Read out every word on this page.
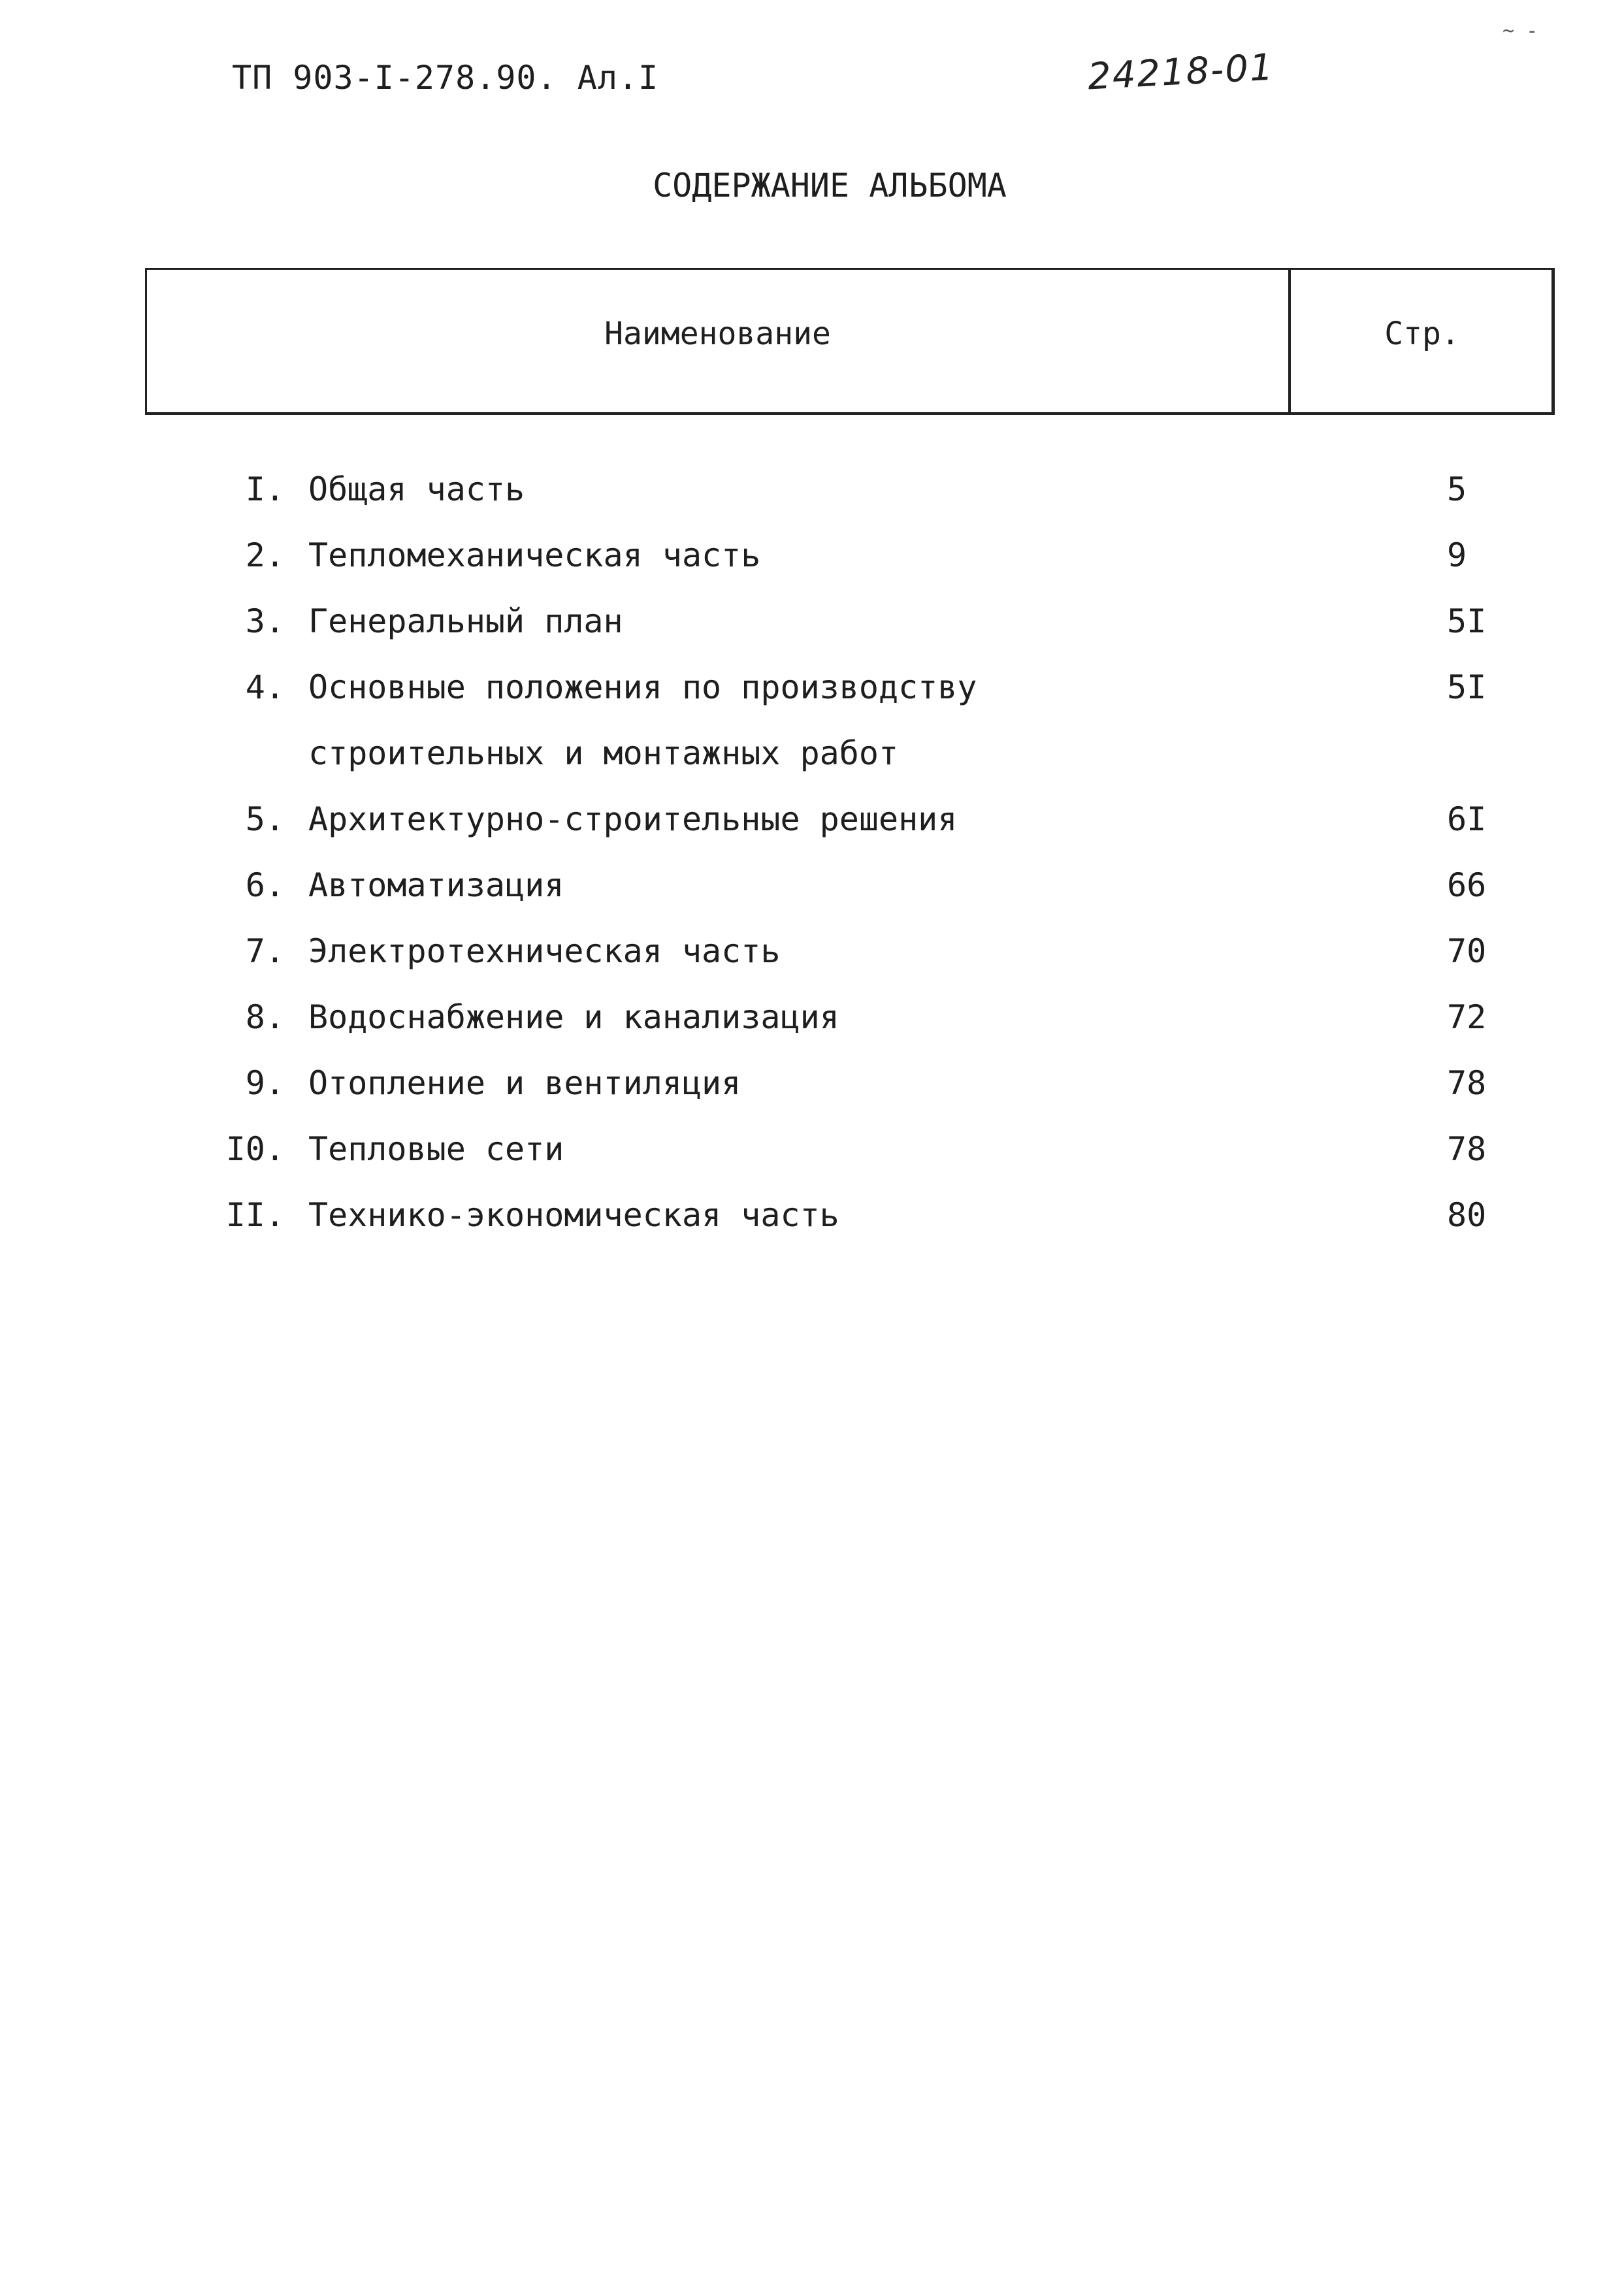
ТП 903-I-278.90. Ал.I	24218-01
~ -
СОДЕРЖАНИЕ АЛЬБОМА
Наименование	Стр.
I. Общая часть	5
2. Тепломеханическая часть	9
3. Генеральный план	5I
4. Основные положения по производству	5I
строительных и монтажных работ
5. Архитектурно-строительные решения	6I
6. Автоматизация	66
7. Электротехническая часть	70
8. Водоснабжение и канализация	72
9. Отопление и вентиляция	78
I0. Тепловые сети	78
II. Технико-экономическая часть	80
